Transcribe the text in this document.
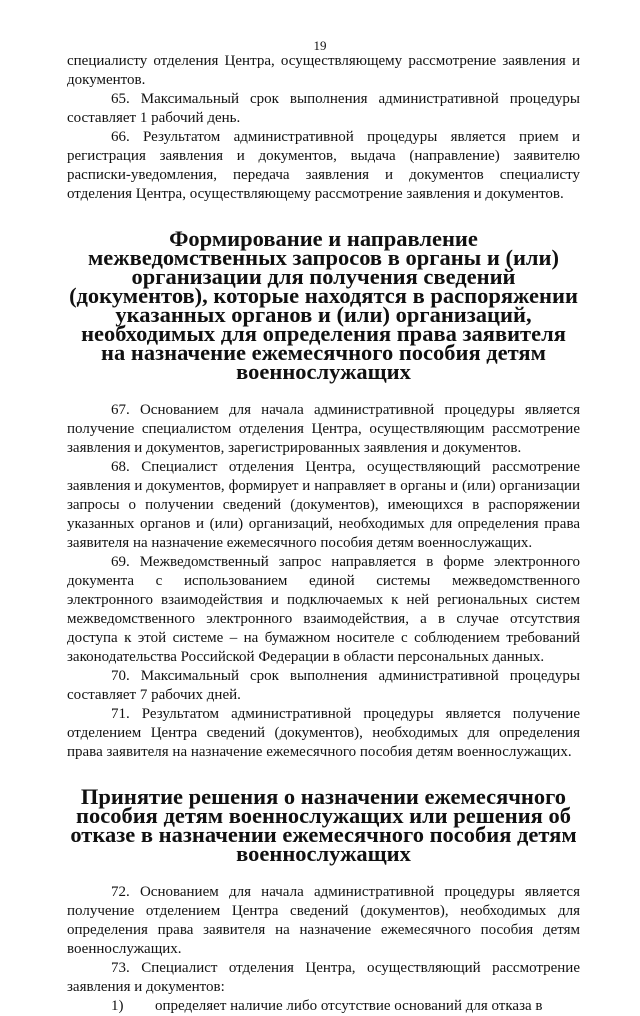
19

специалисту отделения Центра, осуществляющему рассмотрение заявления и документов.

65. Максимальный срок выполнения административной процедуры составляет 1 рабочий день.

66. Результатом административной процедуры является прием и регистрация заявления и документов, выдача (направление) заявителю расписки-уведомления, передача заявления и документов специалисту отделения Центра, осуществляющему рассмотрение заявления и документов.

Формирование и направление межведомственных запросов в органы и (или) организации для получения сведений (документов), которые находятся в распоряжении указанных органов и (или) организаций, необходимых для определения права заявителя на назначение ежемесячного пособия детям военнослужащих

67. Основанием для начала административной процедуры является получение специалистом отделения Центра, осуществляющим рассмотрение заявления и документов, зарегистрированных заявления и документов.

68. Специалист отделения Центра, осуществляющий рассмотрение заявления и документов, формирует и направляет в органы и (или) организации запросы о получении сведений (документов), имеющихся в распоряжении указанных органов и (или) организаций, необходимых для определения права заявителя на назначение ежемесячного пособия детям военнослужащих.

69. Межведомственный запрос направляется в форме электронного документа с использованием единой системы межведомственного электронного взаимодействия и подключаемых к ней региональных систем межведомственного электронного взаимодействия, а в случае отсутствия доступа к этой системе – на бумажном носителе с соблюдением требований законодательства Российской Федерации в области персональных данных.

70. Максимальный срок выполнения административной процедуры составляет 7 рабочих дней.

71. Результатом административной процедуры является получение отделением Центра сведений (документов), необходимых для определения права заявителя на назначение ежемесячного пособия детям военнослужащих.

Принятие решения о назначении ежемесячного пособия детям военнослужащих или решения об отказе в назначении ежемесячного пособия детям военнослужащих

72. Основанием для начала административной процедуры является получение отделением Центра сведений (документов), необходимых для определения права заявителя на назначение ежемесячного пособия детям военнослужащих.

73. Специалист отделения Центра, осуществляющий рассмотрение заявления и документов:

1)	определяет наличие либо отсутствие оснований для отказа в
